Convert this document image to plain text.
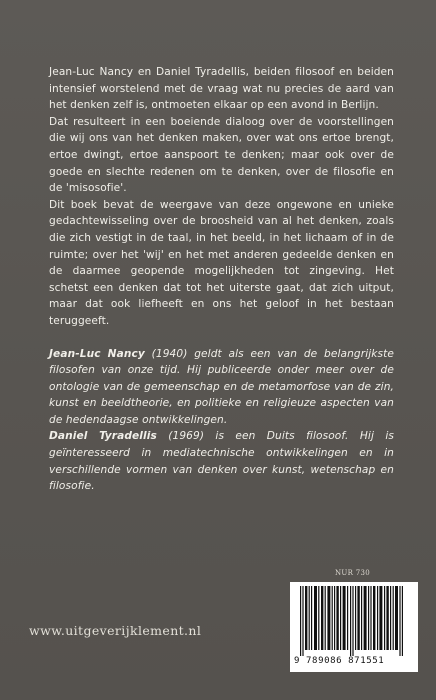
Jean-Luc Nancy en Daniel Tyradellis, beiden filosoof en beiden intensief worstelend met de vraag wat nu precies de aard van het denken zelf is, ontmoeten elkaar op een avond in Berlijn.

Dat resulteert in een boeiende dialoog over de voorstellingen die wij ons van het denken maken, over wat ons ertoe brengt, ertoe dwingt, ertoe aanspoort te denken; maar ook over de goede en slechte redenen om te denken, over de filosofie en de 'misosofie'.

Dit boek bevat de weergave van deze ongewone en unieke gedachtewisseling over de broosheid van al het denken, zoals die zich vestigt in de taal, in het beeld, in het lichaam of in de ruimte; over het 'wij' en het met anderen gedeelde denken en de daarmee geopende mogelijkheden tot zingeving. Het schetst een denken dat tot het uiterste gaat, dat zich uitput, maar dat ook liefheeft en ons het geloof in het bestaan teruggeeft.

Jean-Luc Nancy (1940) geldt als een van de belangrijkste filosofen van onze tijd. Hij publiceerde onder meer over de ontologie van de gemeenschap en de metamorfose van de zin, kunst en beeldtheorie, en politieke en religieuze aspecten van de hedendaagse ontwikkelingen.

Daniel Tyradellis (1969) is een Duits filosoof. Hij is geïnteresseerd in mediatechnische ontwikkelingen en in verschillende vormen van denken over kunst, wetenschap en filosofie.

NUR 730
9 789086 871551
www.uitgeverijklement.nl
